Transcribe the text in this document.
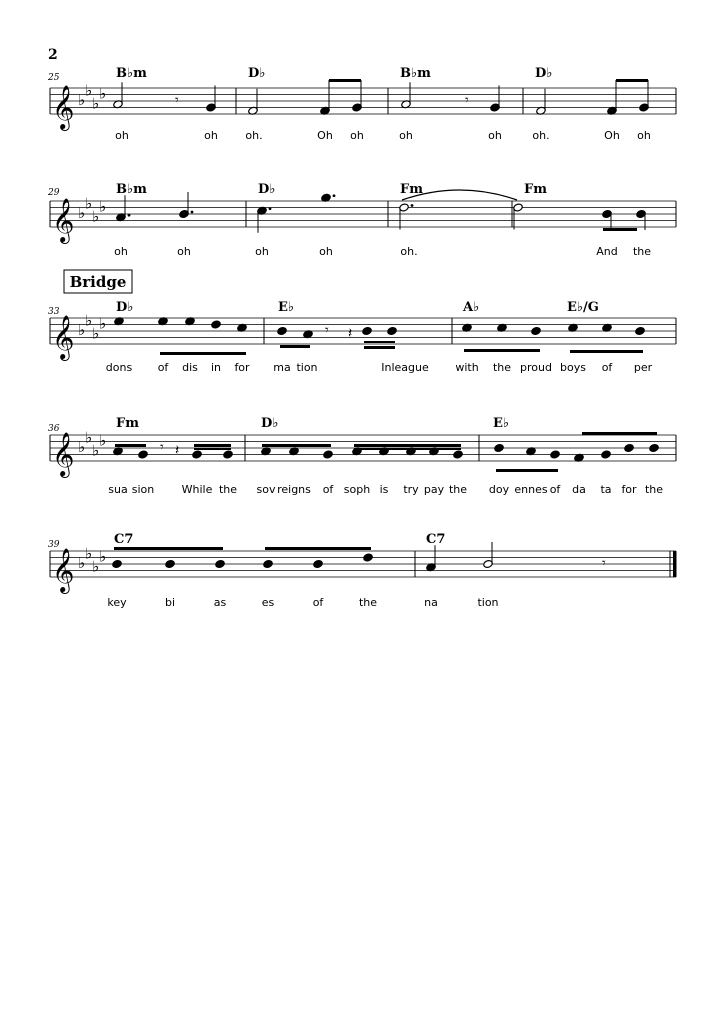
2
25
29
33
36
39
Bridge
B♭m	D♭	B♭m	D♭
B♭m	D♭	Fm	Fm
D♭	E♭	A♭	E♭/G
Fm	D♭	E♭
C7	C7
𝄞 ♭
♭
♭
♭
𝄞 ♭
♭
♭
♭
𝄞 ♭
♭
♭
♭
𝄞 ♭
♭
♭
♭
𝄞 ♭
♭
♭
♭
𝄾	𝄾
𝄾 𝄽
𝄾 𝄽
𝄾
oh	oh	oh.	Oh oh	oh	oh	oh.	Oh oh
oh	oh	oh	oh	oh.	And the
dons of dis in for ma tion	Inleague with the proud boys of per
sua sion While the sov reigns of soph is try pay the doy ennes of da ta for the
key	bi	as	es	of	the	na	tion
